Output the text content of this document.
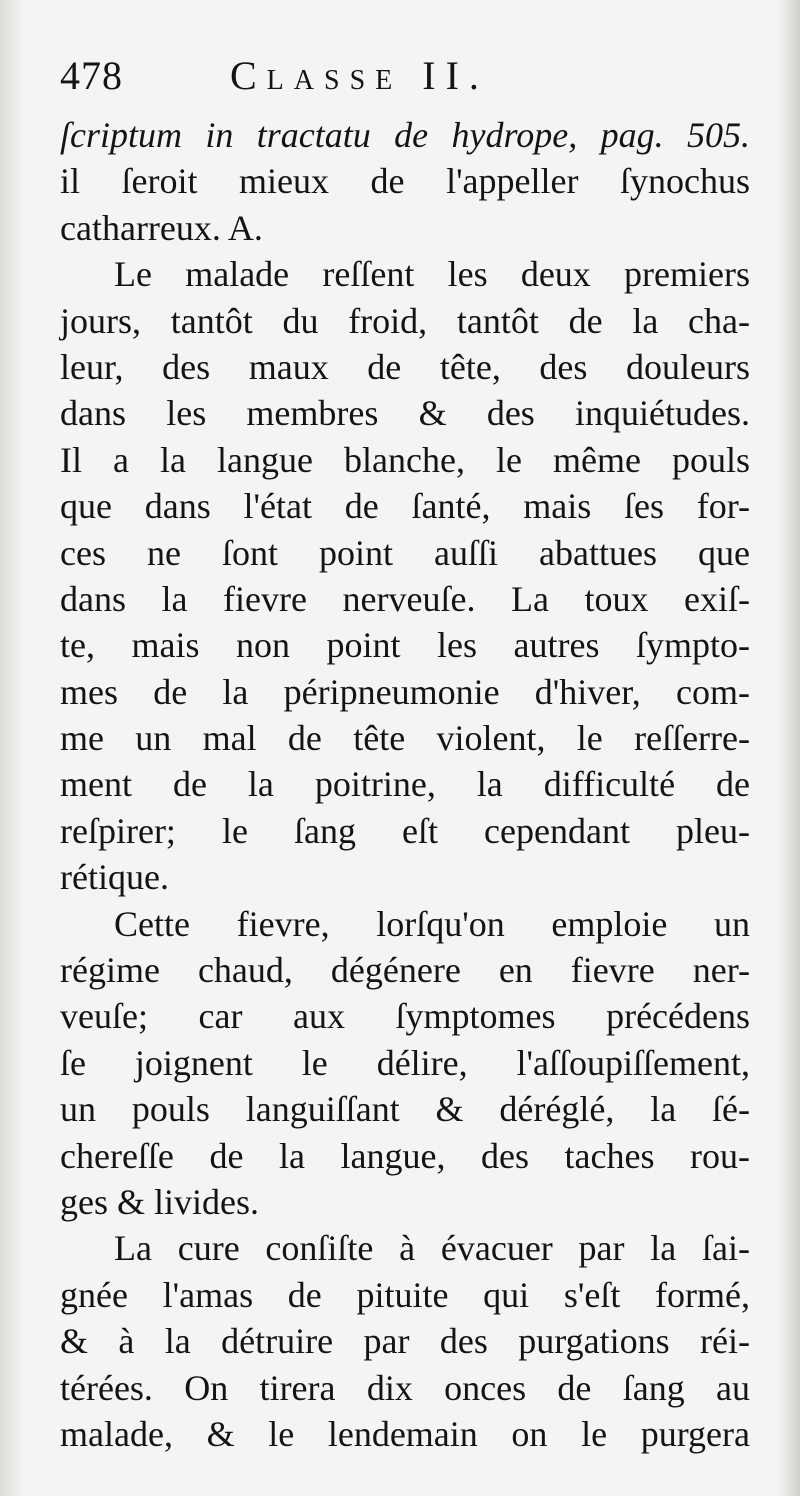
478	Classe II.
ſcriptum in tractatu de hydrope, pag. 505.
il ſeroit mieux de l'appeller ſynochus
catharreux. A.
Le malade reſſent les deux premiers
jours, tantôt du froid, tantôt de la cha-
leur, des maux de tête, des douleurs
dans les membres & des inquiétudes.
Il a la langue blanche, le même pouls
que dans l'état de ſanté, mais ſes for-
ces ne ſont point auſſi abattues que
dans la fievre nerveuſe. La toux exiſ-
te, mais non point les autres ſympto-
mes de la péripneumonie d'hiver, com-
me un mal de tête violent, le reſſerre-
ment de la poitrine, la difficulté de
reſpirer; le ſang eſt cependant pleu-
rétique.
Cette fievre, lorſqu'on emploie un
régime chaud, dégénere en fievre ner-
veuſe; car aux ſymptomes précédens
ſe joignent le délire, l'aſſoupiſſement,
un pouls languiſſant & déréglé, la ſé-
chereſſe de la langue, des taches rou-
ges & livides.
La cure conſiſte à évacuer par la ſai-
gnée l'amas de pituite qui s'eſt formé,
& à la détruire par des purgations réi-
térées. On tirera dix onces de ſang au
malade, & le lendemain on le purgera
